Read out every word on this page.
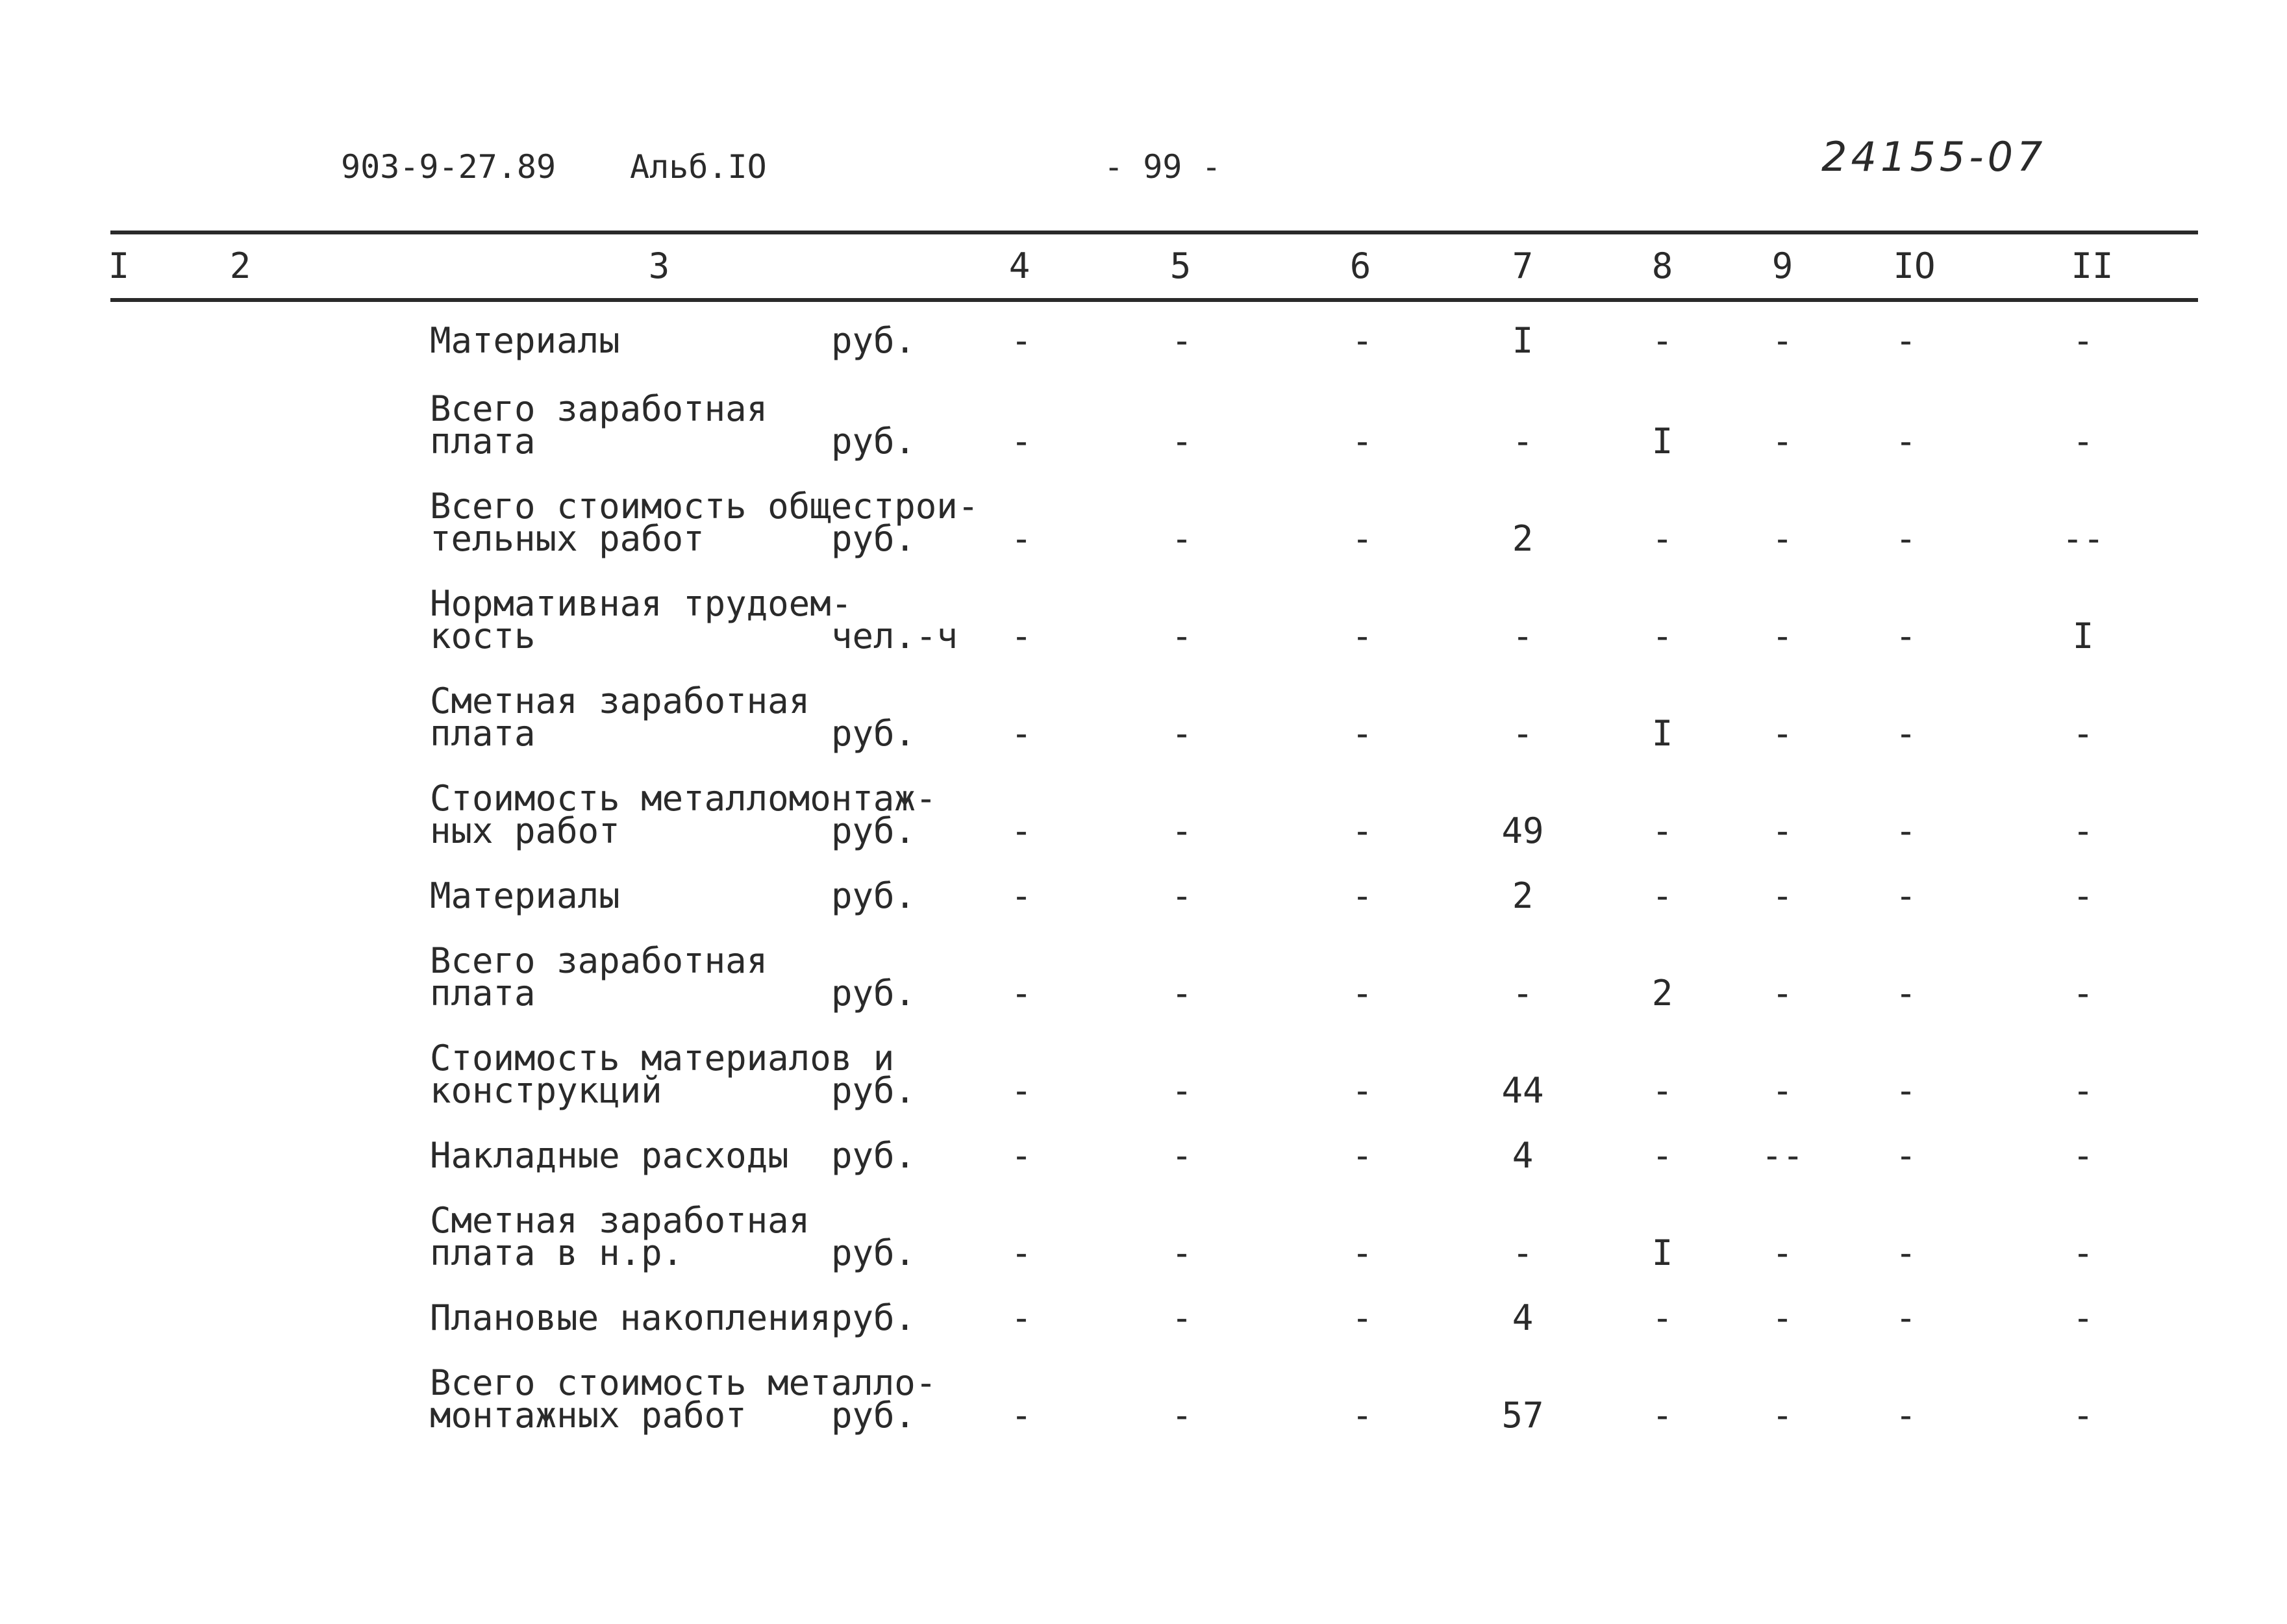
903-9-27.89 Альб.IO	- 99 -	24155-07
I	2	3	4	5	6	7	8	9	IO	II
Материалы	руб.	-	-	-	I	-	-	-	-
Всего заработная
плата	руб.	-	-	-	-	I	-	-	-
Всего стоимость общестрои-
тельных работ	руб.	-	-	-	2	-	-	-	--
Нормативная трудоем-
кость	чел.-ч -	-	-	-	-	-	-	I
Сметная заработная
плата	руб.	-	-	-	-	I	-	-	-
Стоимость металломонтаж-
ных работ	руб.	-	-	-	49	-	-	-	-
Материалы	руб.	-	-	-	2	-	-	-	-
Всего заработная
плата	руб.	-	-	-	-	2	-	-	-
Стоимость материалов и
конструкций	руб.	-	-	-	44	-	-	-	-
Накладные расходы руб.	-	-	-	4	-	--	-	-
Сметная заработная
плата в н.р.	руб.	-	-	-	-	I	-	-	-
Плановые накопления руб.	-	-	-	4	-	-	-	-
Всего стоимость металло-
монтажных работ	руб.	-	-	-	57	-	-	-	-
